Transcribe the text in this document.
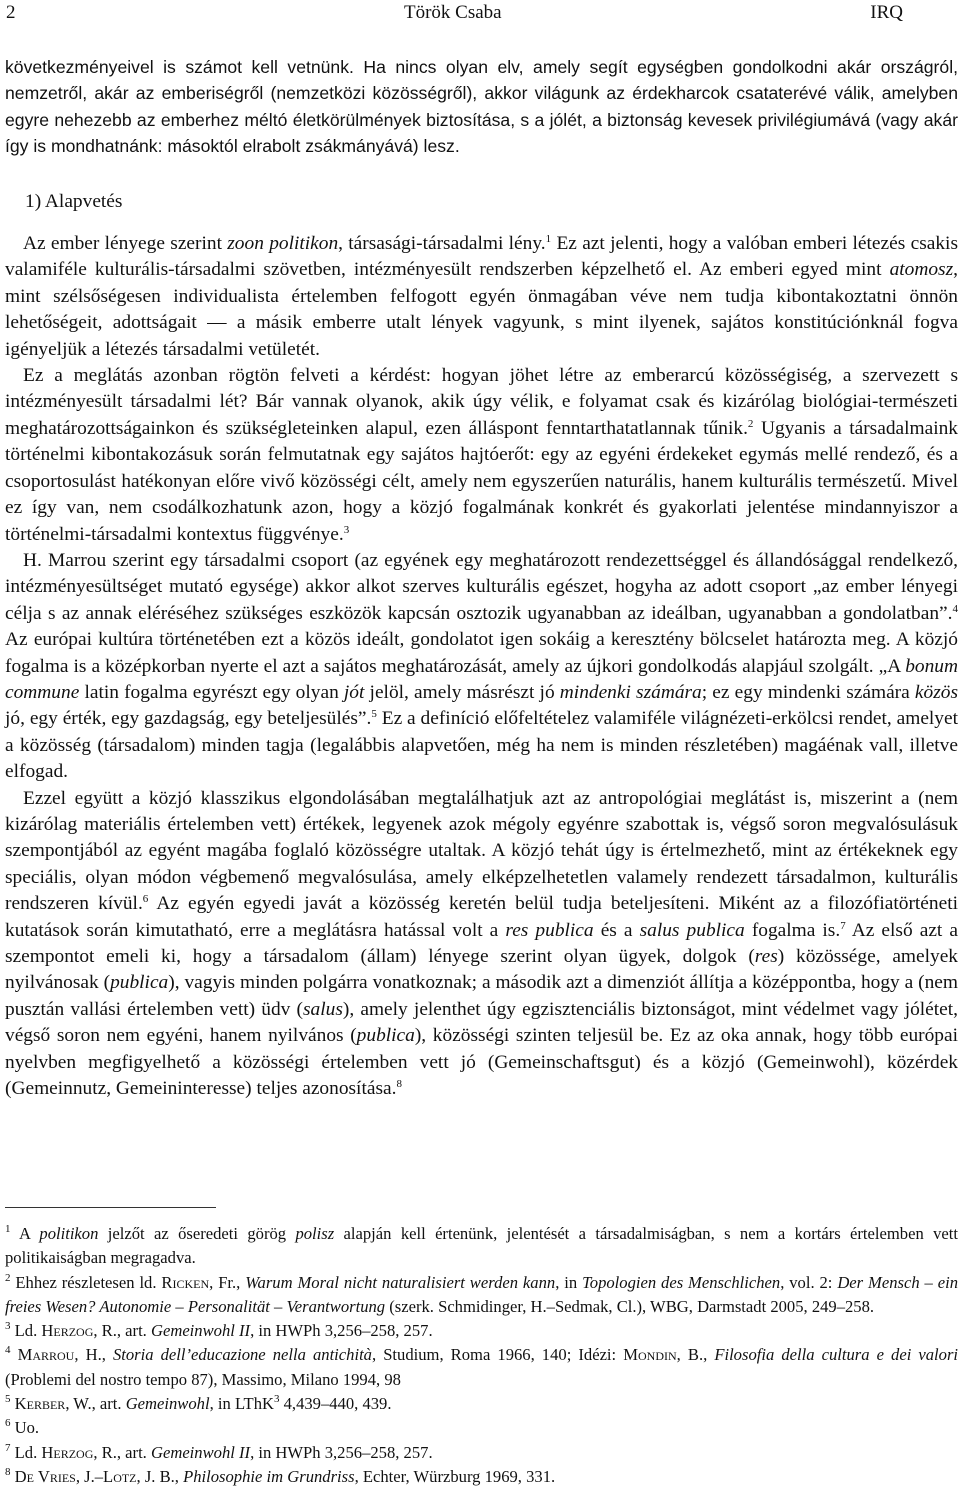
2	Török Csaba	IRQ

következményeivel is számot kell vetnünk. Ha nincs olyan elv, amely segít egységben gondolkodni akár országról, nemzetről, akár az emberiségről (nemzetközi közösségről), akkor világunk az érdekharcok csataterévé válik, amelyben egyre nehezebb az emberhez méltó életkörülmények biztosítása, s a jólét, a biztonság kevesek privilégiumává (vagy akár így is mondhatnánk: másoktól elrabolt zsákmányává) lesz.

1) Alapvetés

Az ember lényege szerint zoon politikon, társasági-társadalmi lény.$^1$ Ez azt jelenti, hogy a valóban emberi létezés csakis valamiféle kulturális-társadalmi szövetben, intézményesült rendszerben képzelhető el. Az emberi egyed mint atomosz, mint szélsőségesen individualista értelemben felfogott egyén önmagában véve nem tudja kibontakoztatni önnön lehetőségeit, adottságait — a másik emberre utalt lények vagyunk, s mint ilyenek, sajátos konstitúciónknál fogva igényeljük a létezés társadalmi vetületét.

Ez a meglátás azonban rögtön felveti a kérdést: hogyan jöhet létre az emberarcú közösségiség, a szervezett s intézményesült társadalmi lét? Bár vannak olyanok, akik úgy vélik, e folyamat csak és kizárólag biológiai-természeti meghatározottságainkon és szükségleteinken alapul, ezen álláspont fenntarthatatlannak tűnik.$^2$ Ugyanis a társadalmaink történelmi kibontakozásuk során felmutatnak egy sajátos hajtóerőt: egy az egyéni érdekeket egymás mellé rendező, és a csoportosulást hatékonyan előre vivő közösségi célt, amely nem egyszerűen naturális, hanem kulturális természetű. Mivel ez így van, nem csodálkozhatunk azon, hogy a közjó fogalmának konkrét és gyakorlati jelentése mindannyiszor a történelmi-társadalmi kontextus függvénye.$^3$

H. Marrou szerint egy társadalmi csoport (az egyének egy meghatározott rendezettséggel és állandósággal rendelkező, intézményesültséget mutató egysége) akkor alkot szerves kulturális egészet, hogyha az adott csoport „az ember lényegi célja s az annak eléréséhez szükséges eszközök kapcsán osztozik ugyanabban az ideálban, ugyanabban a gondolatban”.$^4$ Az európai kultúra történetében ezt a közös ideált, gondolatot igen sokáig a keresztény bölcselet határozta meg. A közjó fogalma is a középkorban nyerte el azt a sajátos meghatározását, amely az újkori gondolkodás alapjául szolgált. „A bonum commune latin fogalma egyrészt egy olyan jót jelöl, amely másrészt jó mindenki számára; ez egy mindenki számára közös jó, egy érték, egy gazdagság, egy beteljesülés”.$^5$ Ez a definíció előfeltételez valamiféle világnézeti-erkölcsi rendet, amelyet a közösség (társadalom) minden tagja (legalábbis alapvetően, még ha nem is minden részletében) magáénak vall, illetve elfogad.

Ezzel együtt a közjó klasszikus elgondolásában megtalálhatjuk azt az antropológiai meglátást is, miszerint a (nem kizárólag materiális értelemben vett) értékek, legyenek azok mégoly egyénre szabottak is, végső soron megvalósulásuk szempontjából az egyént magába foglaló közösségre utaltak. A közjó tehát úgy is értelmezhető, mint az értékeknek egy speciális, olyan módon végbemenő megvalósulása, amely elképzelhetetlen valamely rendezett társadalmon, kulturális rendszeren kívül.$^6$ Az egyén egyedi javát a közösség keretén belül tudja beteljesíteni. Miként az a filozófiatörténeti kutatások során kimutatható, erre a meglátásra hatással volt a res publica és a salus publica fogalma is.$^7$ Az első azt a szempontot emeli ki, hogy a társadalom (állam) lényege szerint olyan ügyek, dolgok (res) közössége, amelyek nyilvánosak (publica), vagyis minden polgárra vonatkoznak; a második azt a dimenziót állítja a középpontba, hogy a (nem pusztán vallási értelemben vett) üdv (salus), amely jelenthet úgy egzisztenciális biztonságot, mint védelmet vagy jólétet, végső soron nem egyéni, hanem nyilvános (publica), közösségi szinten teljesül be. Ez az oka annak, hogy több európai nyelvben megfigyelhető a közösségi értelemben vett jó (Gemeinschaftsgut) és a közjó (Gemeinwohl), közérdek (Gemeinnutz, Gemeininteresse) teljes azonosítása.$^8$

$^1$ A politikon jelzőt az őseredeti görög polisz alapján kell értenünk, jelentését a társadalmiságban, s nem a kortárs értelemben vett politikaiságban megragadva.

$^2$ Ehhez részletesen ld. Ricken, Fr., Warum Moral nicht naturalisiert werden kann, in Topologien des Menschlichen, vol. 2: Der Mensch – ein freies Wesen? Autonomie – Personalität – Verantwortung (szerk. Schmidinger, H.–Sedmak, Cl.), WBG, Darmstadt 2005, 249–258.

$^3$ Ld. Herzog, R., art. Gemeinwohl II, in HWPh 3,256–258, 257.

$^4$ Marrou, H., Storia dell’educazione nella antichità, Studium, Roma 1966, 140; Idézi: Mondin, B., Filosofia della cultura e dei valori (Problemi del nostro tempo 87), Massimo, Milano 1994, 98

$^5$ Kerber, W., art. Gemeinwohl, in LThK$^3$ 4,439–440, 439.

$^6$ Uo.

$^7$ Ld. Herzog, R., art. Gemeinwohl II, in HWPh 3,256–258, 257.

$^8$ De Vries, J.–Lotz, J. B., Philosophie im Grundriss, Echter, Würzburg 1969, 331.
